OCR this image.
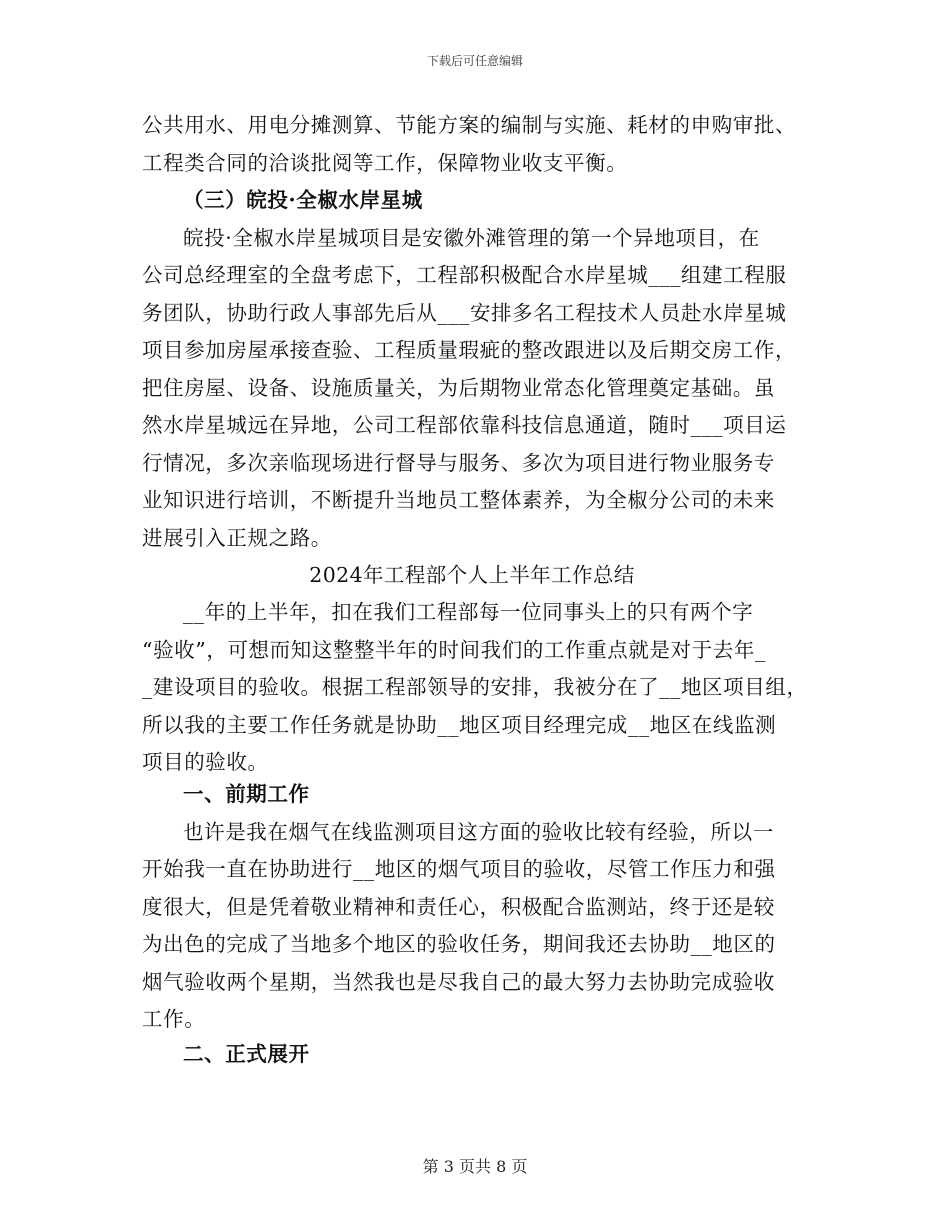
下载后可任意编辑
公共用水、用电分摊测算、节能方案的编制与实施、耗材的申购审批、
工程类合同的洽谈批阅等工作，保障物业收支平衡。
（三）皖投·全椒水岸星城
皖投·全椒水岸星城项目是安徽外滩管理的第一个异地项目，在
公司总经理室的全盘考虑下，工程部积极配合水岸星城___组建工程服
务团队，协助行政人事部先后从___安排多名工程技术人员赴水岸星城
项目参加房屋承接查验、工程质量瑕疵的整改跟进以及后期交房工作，
把住房屋、设备、设施质量关，为后期物业常态化管理奠定基础。虽
然水岸星城远在异地，公司工程部依靠科技信息通道，随时___项目运
行情况，多次亲临现场进行督导与服务、多次为项目进行物业服务专
业知识进行培训，不断提升当地员工整体素养，为全椒分公司的未来
进展引入正规之路。
2024年工程部个人上半年工作总结
__年的上半年，扣在我们工程部每一位同事头上的只有两个字
“验收”，可想而知这整整半年的时间我们的工作重点就是对于去年_
_建设项目的验收。根据工程部领导的安排，我被分在了__地区项目组，
所以我的主要工作任务就是协助__地区项目经理完成__地区在线监测
项目的验收。
一、前期工作
也许是我在烟气在线监测项目这方面的验收比较有经验，所以一
开始我一直在协助进行__地区的烟气项目的验收，尽管工作压力和强
度很大，但是凭着敬业精神和责任心，积极配合监测站，终于还是较
为出色的完成了当地多个地区的验收任务，期间我还去协助__地区的
烟气验收两个星期，当然我也是尽我自己的最大努力去协助完成验收
工作。
二、正式展开
第 3 页共 8 页
